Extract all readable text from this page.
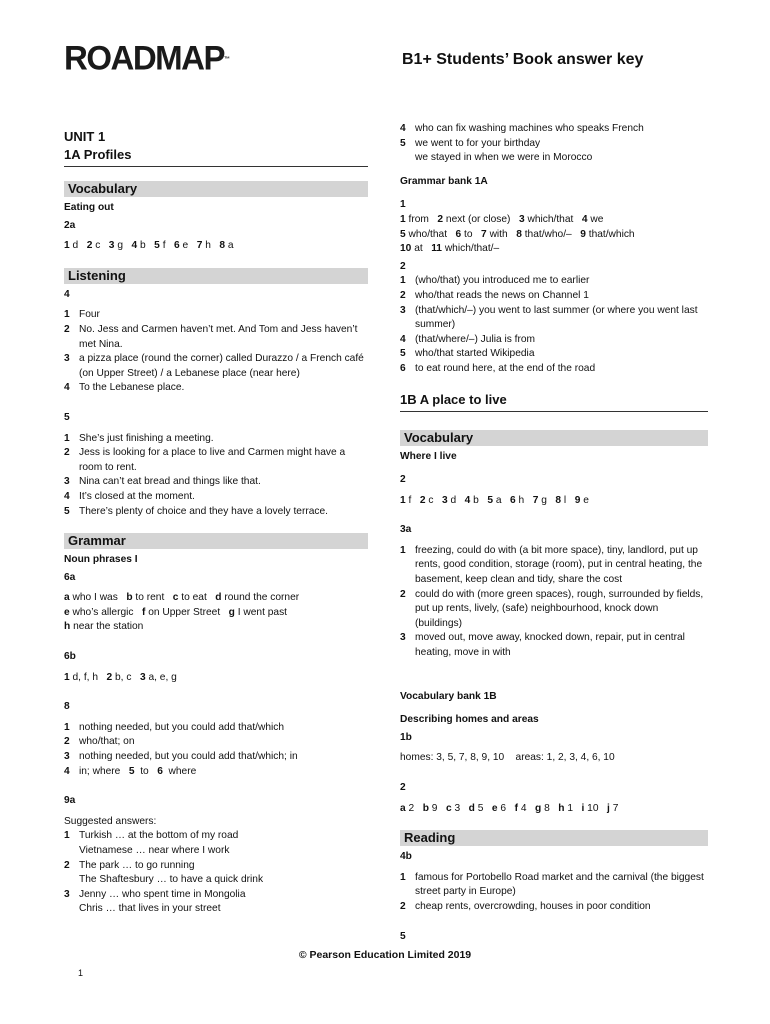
ROADMAP™	B1+ Students’ Book answer key
UNIT 1
1A Profiles
Vocabulary
Eating out
2a
1 d 2 c 3 g 4 b 5 f 6 e 7 h 8 a
Listening
4
1 Four
2 No. Jess and Carmen haven’t met. And Tom and Jess haven’t met Nina.
3 a pizza place (round the corner) called Durazzo / a French café (on Upper Street) / a Lebanese place (near here)
4 To the Lebanese place.
5
1 She’s just finishing a meeting.
2 Jess is looking for a place to live and Carmen might have a room to rent.
3 Nina can’t eat bread and things like that.
4 It’s closed at the moment.
5 There’s plenty of choice and they have a lovely terrace.
Grammar
Noun phrases I
6a
a who I was b to rent c to eat d round the corner
e who’s allergic f on Upper Street g I went past
h near the station
6b
1 d, f, h 2 b, c 3 a, e, g
8
1 nothing needed, but you could add that/which
2 who/that; on
3 nothing needed, but you could add that/which; in
4 in; where 5 to 6 where
9a
Suggested answers:
1 Turkish … at the bottom of my road
Vietnamese … near where I work
2 The park … to go running
The Shaftesbury … to have a quick drink
3 Jenny … who spent time in Mongolia
Chris … that lives in your street
4 who can fix washing machines who speaks French
5 we went to for your birthday
we stayed in when we were in Morocco
Grammar bank 1A
1
1 from 2 next (or close) 3 which/that 4 we
5 who/that 6 to 7 with 8 that/who/– 9 that/which
10 at 11 which/that/–
2
1 (who/that) you introduced me to earlier
2 who/that reads the news on Channel 1
3 (that/which/–) you went to last summer (or where you went last summer)
4 (that/where/–) Julia is from
5 who/that started Wikipedia
6 to eat round here, at the end of the road
1B A place to live
Vocabulary
Where I live
2
1 f 2 c 3 d 4 b 5 a 6 h 7 g 8 l 9 e
3a
1 freezing, could do with (a bit more space), tiny, landlord, put up rents, good condition, storage (room), put in central heating, the basement, keep clean and tidy, share the cost
2 could do with (more green spaces), rough, surrounded by fields, put up rents, lively, (safe) neighbourhood, knock down (buildings)
3 moved out, move away, knocked down, repair, put in central heating, move in with
Vocabulary bank 1B
Describing homes and areas
1b
homes: 3, 5, 7, 8, 9, 10    areas: 1, 2, 3, 4, 6, 10
2
a 2 b 9 c 3 d 5 e 6 f 4 g 8 h 1 i 10 j 7
Reading
4b
1 famous for Portobello Road market and the carnival (the biggest street party in Europe)
2 cheap rents, overcrowding, houses in poor condition
5
© Pearson Education Limited 2019
1
